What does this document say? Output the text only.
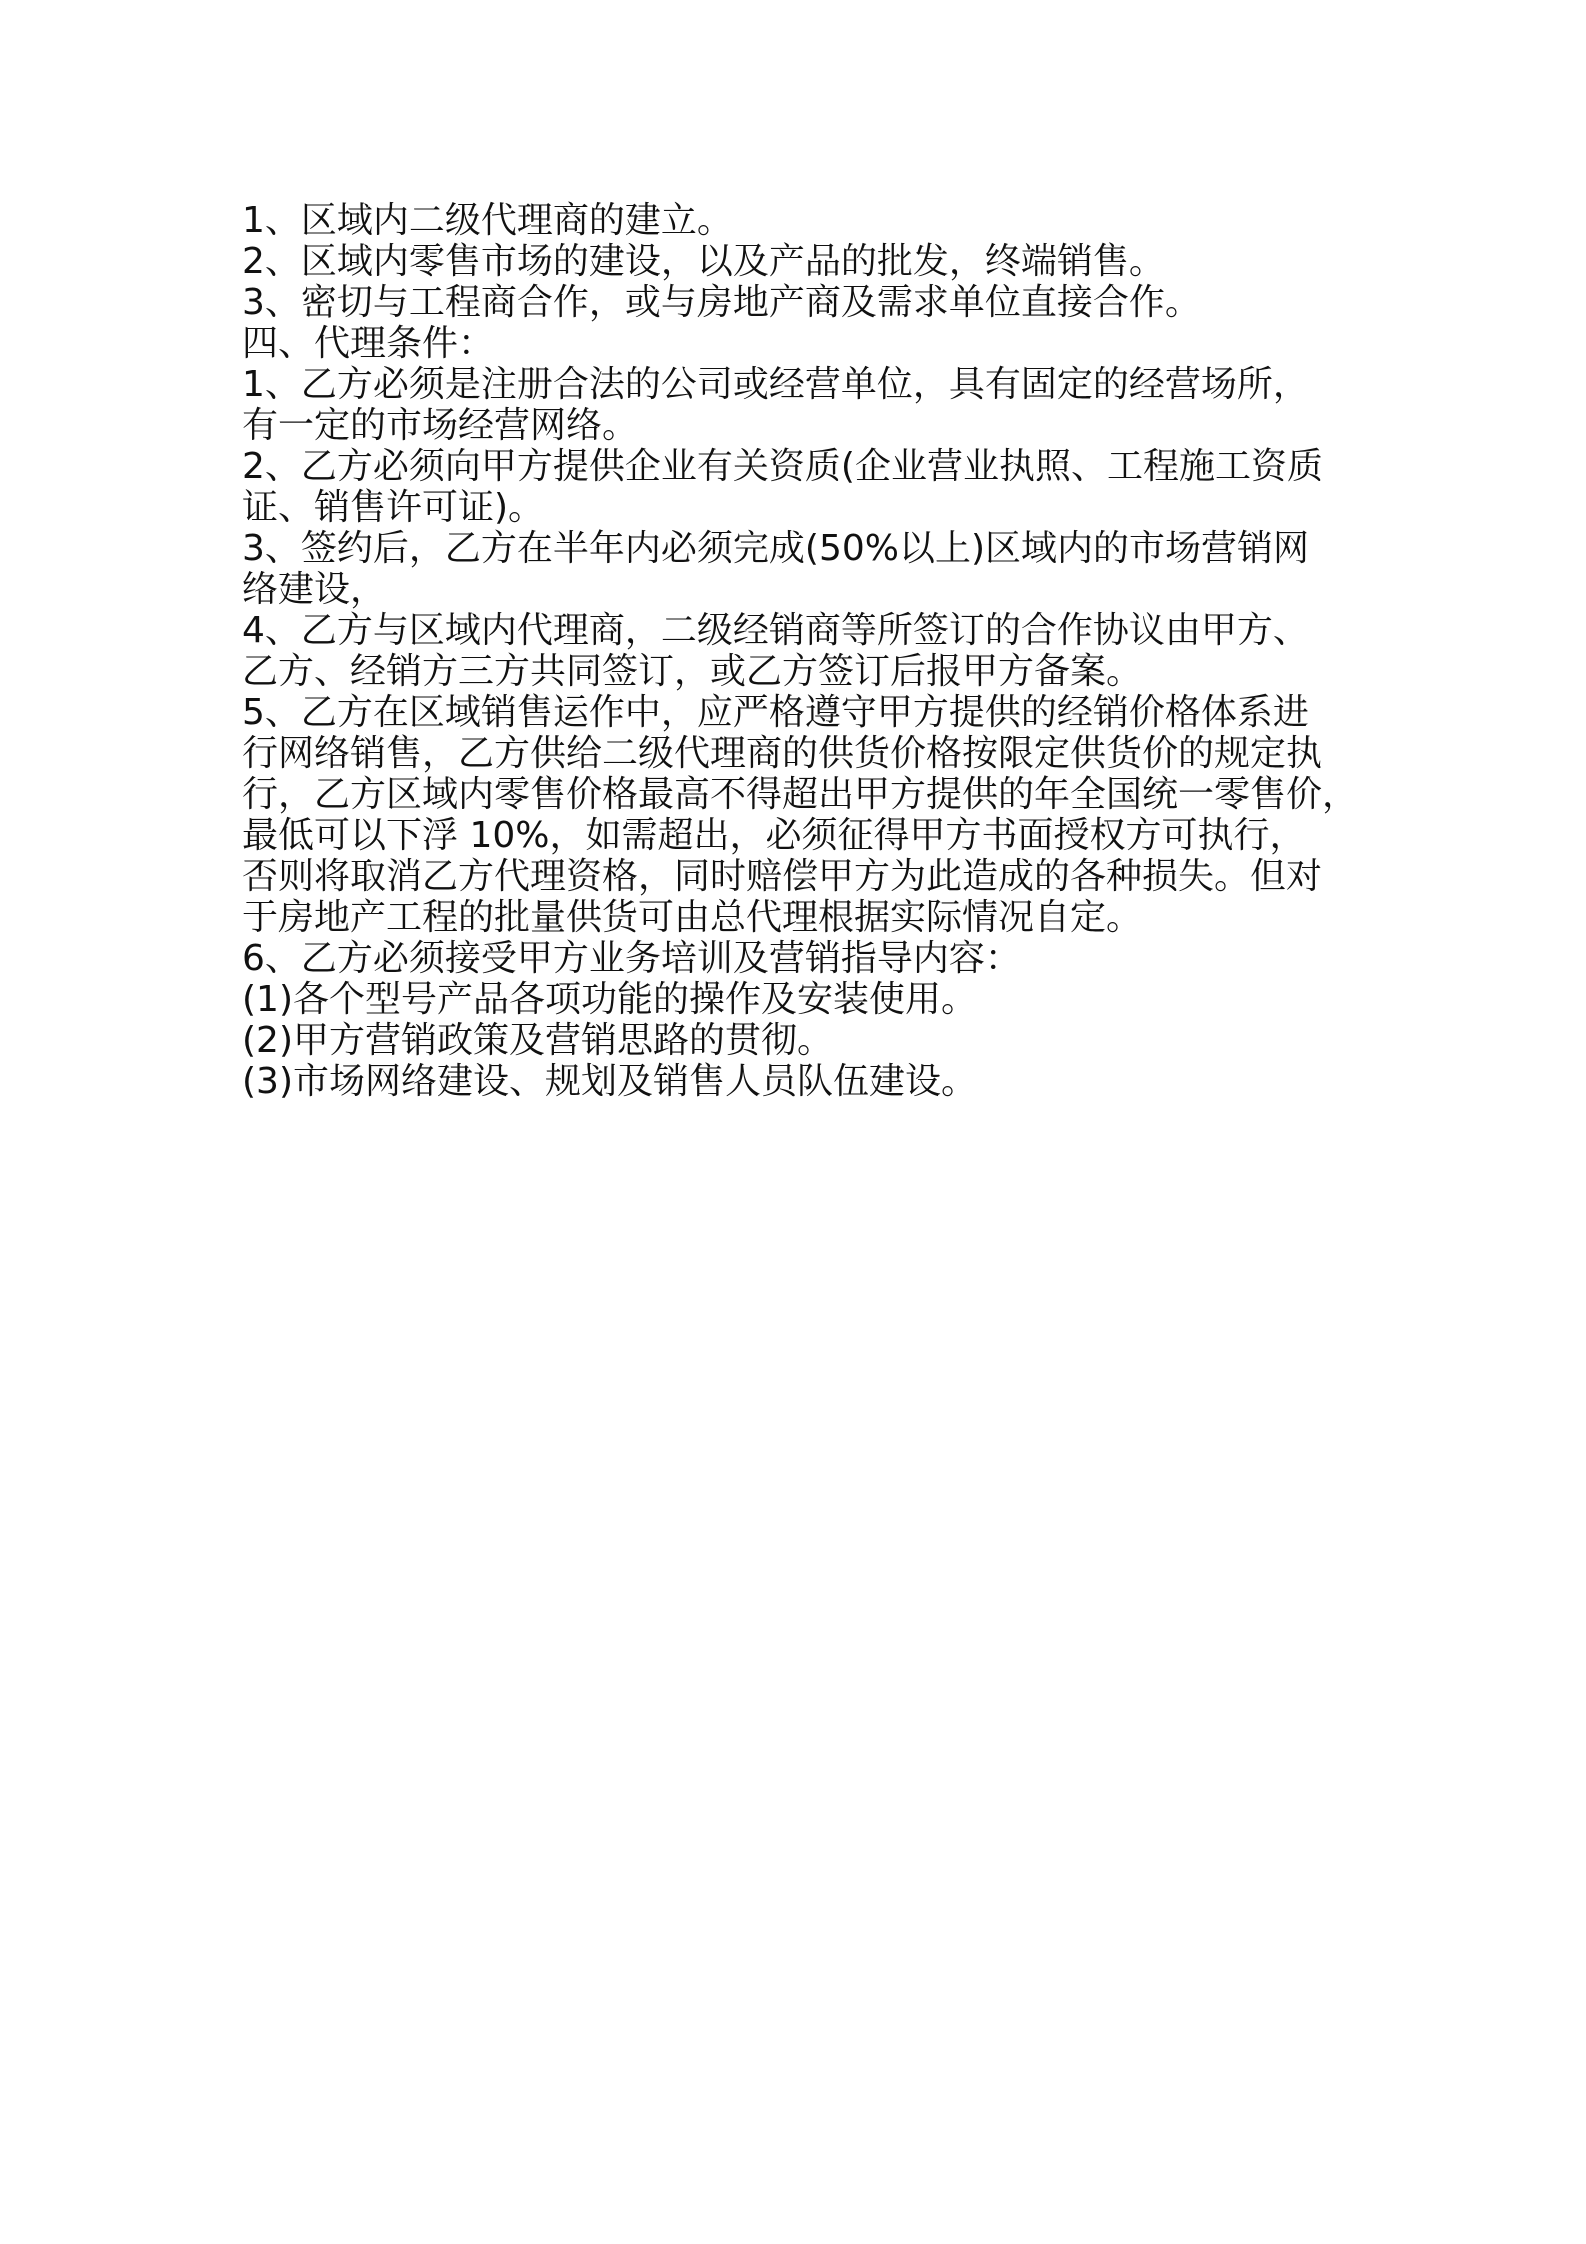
1、区域内二级代理商的建立。

2、区域内零售市场的建设，以及产品的批发，终端销售。

3、密切与工程商合作，或与房地产商及需求单位直接合作。

四、代理条件：

1、乙方必须是注册合法的公司或经营单位，具有固定的经营场所，

有一定的市场经营网络。

2、乙方必须向甲方提供企业有关资质(企业营业执照、工程施工资质

证、销售许可证)。

3、签约后，乙方在半年内必须完成(50%以上)区域内的市场营销网

络建设，

4、乙方与区域内代理商，二级经销商等所签订的合作协议由甲方、

乙方、经销方三方共同签订，或乙方签订后报甲方备案。

5、乙方在区域销售运作中，应严格遵守甲方提供的经销价格体系进

行网络销售，乙方供给二级代理商的供货价格按限定供货价的规定执

行，乙方区域内零售价格最高不得超出甲方提供的年全国统一零售价，

最低可以下浮 10%，如需超出，必须征得甲方书面授权方可执行，

否则将取消乙方代理资格，同时赔偿甲方为此造成的各种损失。但对

于房地产工程的批量供货可由总代理根据实际情况自定。

6、乙方必须接受甲方业务培训及营销指导内容：

(1)各个型号产品各项功能的操作及安装使用。

(2)甲方营销政策及营销思路的贯彻。

(3)市场网络建设、规划及销售人员队伍建设。
